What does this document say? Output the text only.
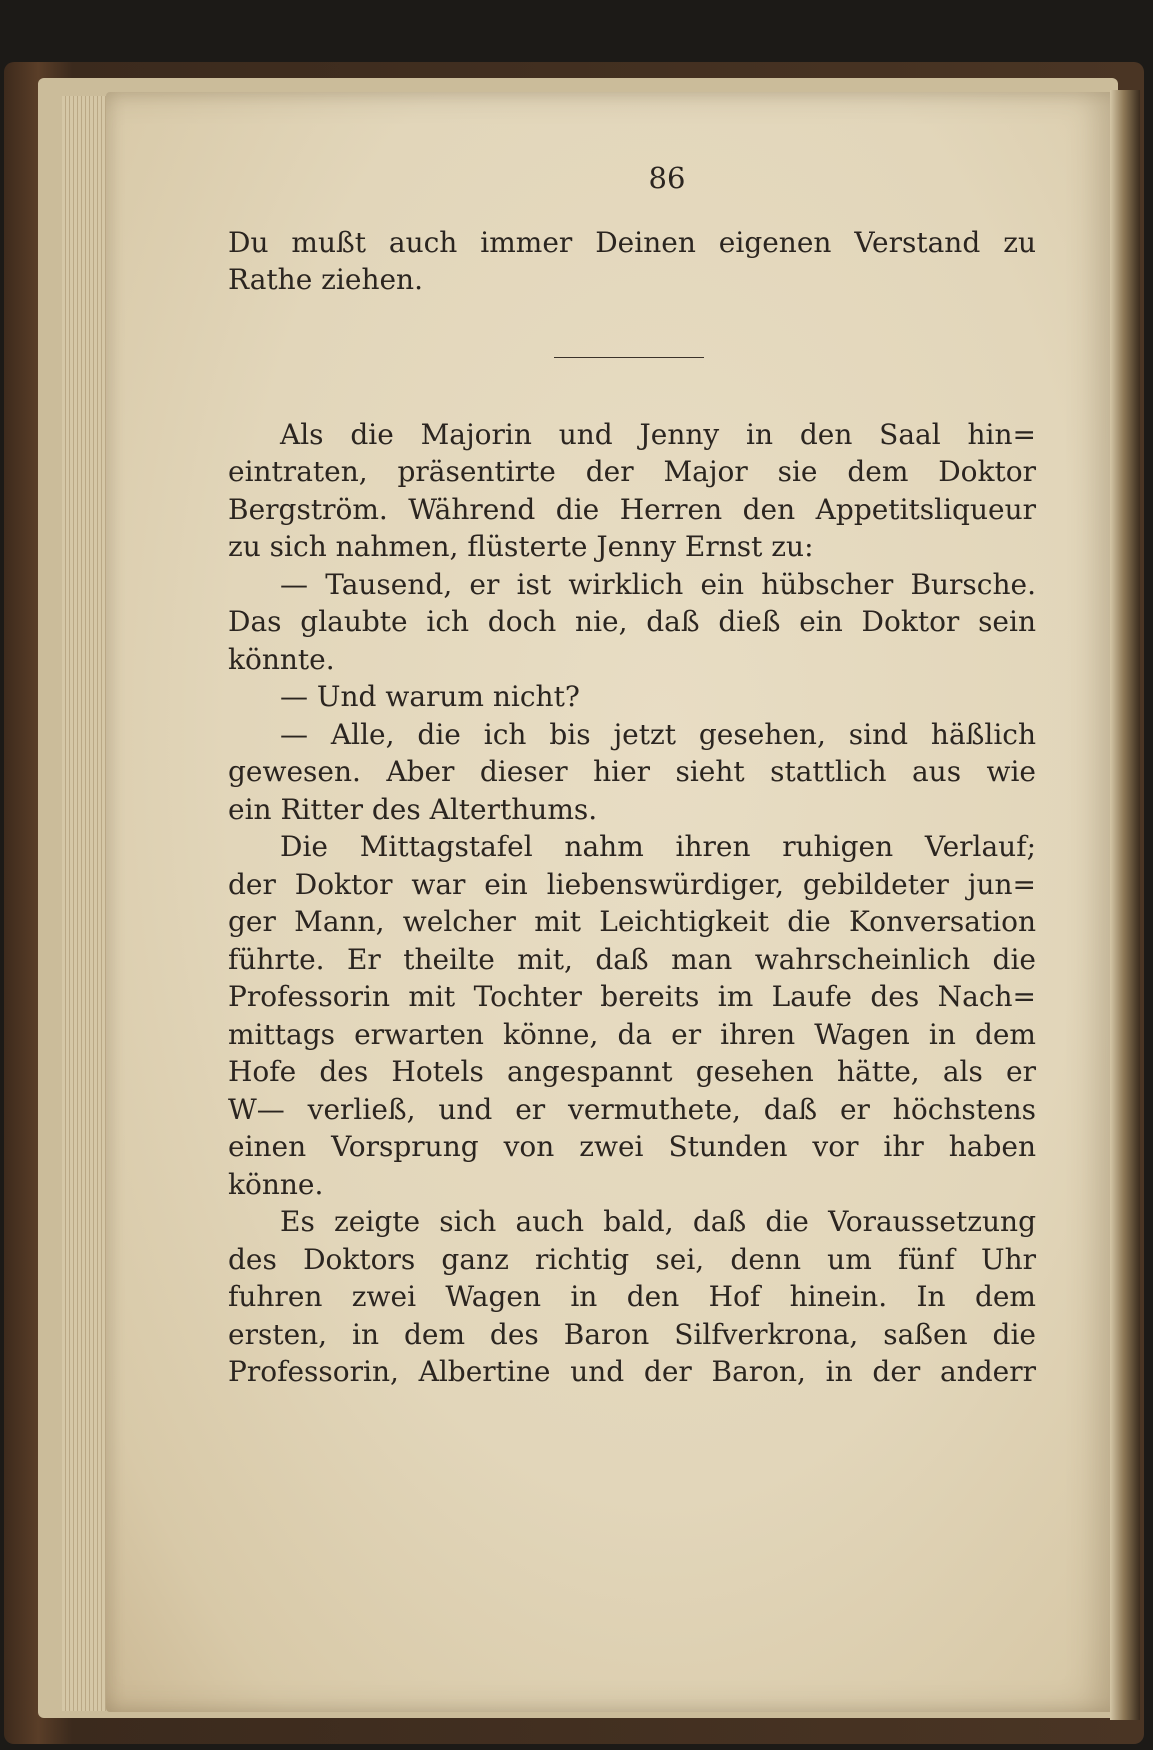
86
Du mußt auch immer Deinen eigenen Verstand zu
Rathe ziehen.
Als die Majorin und Jenny in den Saal hin=
eintraten, präsentirte der Major sie dem Doktor
Bergström. Während die Herren den Appetitsliqueur
zu sich nahmen, flüsterte Jenny Ernst zu:
— Tausend, er ist wirklich ein hübscher Bursche.
Das glaubte ich doch nie, daß dieß ein Doktor sein
könnte.
— Und warum nicht?
— Alle, die ich bis jetzt gesehen, sind häßlich
gewesen. Aber dieser hier sieht stattlich aus wie
ein Ritter des Alterthums.
Die Mittagstafel nahm ihren ruhigen Verlauf;
der Doktor war ein liebenswürdiger, gebildeter jun=
ger Mann, welcher mit Leichtigkeit die Konversation
führte. Er theilte mit, daß man wahrscheinlich die
Professorin mit Tochter bereits im Laufe des Nach=
mittags erwarten könne, da er ihren Wagen in dem
Hofe des Hotels angespannt gesehen hätte, als er
W— verließ, und er vermuthete, daß er höchstens
einen Vorsprung von zwei Stunden vor ihr haben
könne.
Es zeigte sich auch bald, daß die Voraussetzung
des Doktors ganz richtig sei, denn um fünf Uhr
fuhren zwei Wagen in den Hof hinein. In dem
ersten, in dem des Baron Silfverkrona, saßen die
Professorin, Albertine und der Baron, in der anderr
